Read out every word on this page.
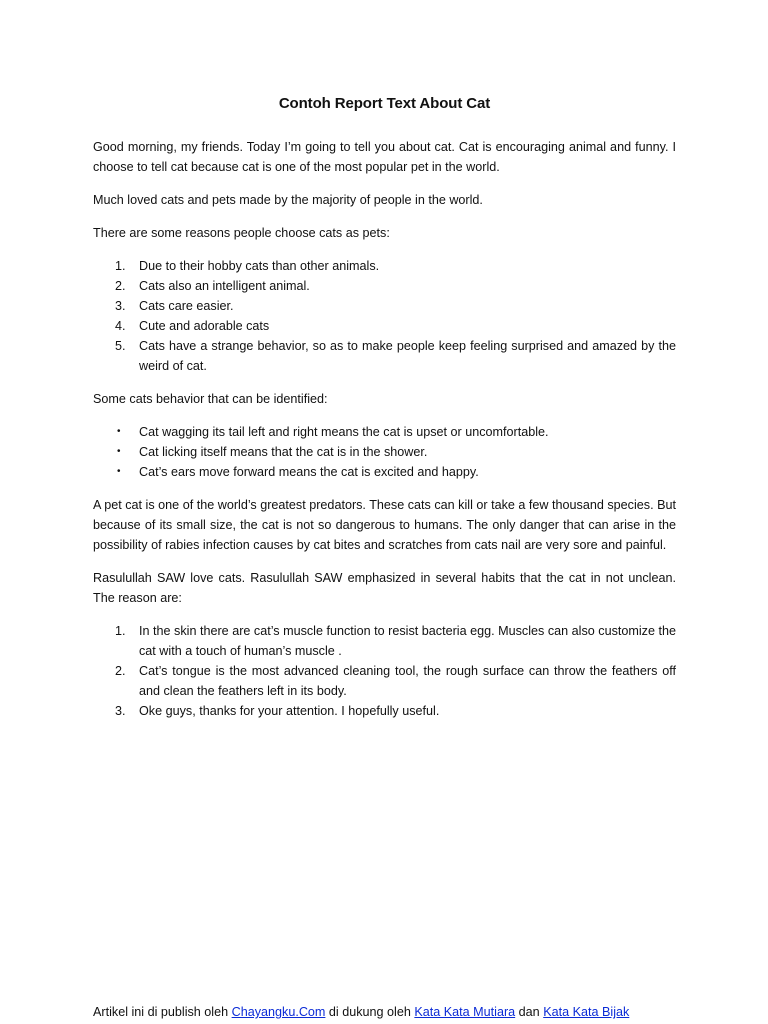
Contoh Report Text About Cat

Good morning, my friends. Today I’m going to tell you about cat. Cat is encouraging animal and funny. I choose to tell cat because cat is one of the most popular pet in the world.

Much loved cats and pets made by the majority of people in the world.

There are some reasons people choose cats as pets:

1. Due to their hobby cats than other animals.
2. Cats also an intelligent animal.
3. Cats care easier.
4. Cute and adorable cats
5. Cats have a strange behavior, so as to make people keep feeling surprised and amazed by the weird of cat.

Some cats behavior that can be identified:

• Cat wagging its tail left and right means the cat is upset or uncomfortable.
• Cat licking itself means that the cat is in the shower.
• Cat’s ears move forward means the cat is excited and happy.

A pet cat is one of the world’s greatest predators. These cats can kill or take a few thousand species. But because of its small size, the cat is not so dangerous to humans. The only danger that can arise in the possibility of rabies infection causes by cat bites and scratches from cats nail are very sore and painful.

Rasulullah SAW love cats. Rasulullah SAW emphasized in several habits that the cat in not unclean. The reason are:

1. In the skin there are cat’s muscle function to resist bacteria egg. Muscles can also customize the cat with a touch of human’s muscle .
2. Cat’s tongue is the most advanced cleaning tool, the rough surface can throw the feathers off and clean the feathers left in its body.
3. Oke guys, thanks for your attention. I hopefully useful.
Artikel ini di publish oleh Chayangku.Com di dukung oleh Kata Kata Mutiara dan Kata Kata Bijak
